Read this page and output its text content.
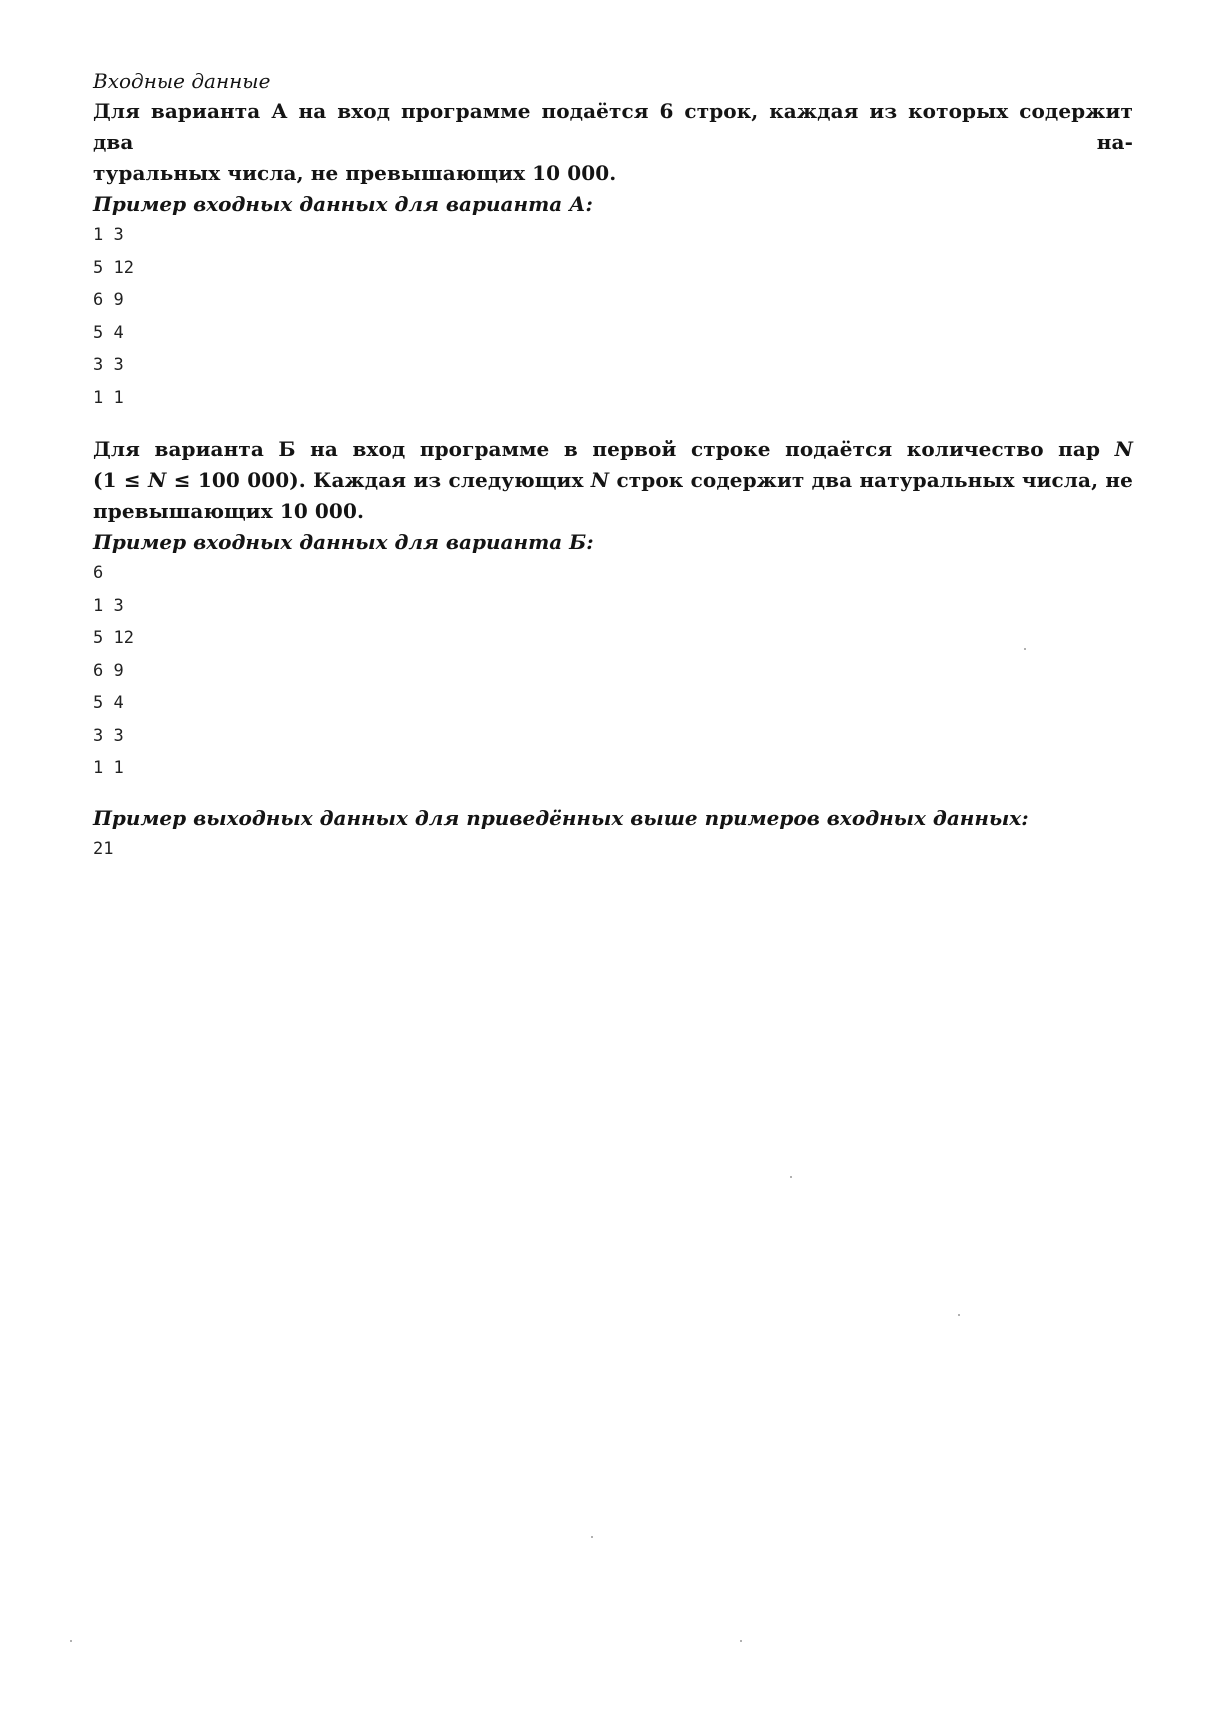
Входные данные

Для варианта А на вход программе подаётся 6 строк, каждая из которых содержит два на-
туральных числа, не превышающих 10 000.

Пример входных данных для варианта А:

1 3
5 12
6 9
5 4
3 3
1 1

Для варианта Б на вход программе в первой строке подаётся количество пар N
(1 ≤ N ≤ 100 000). Каждая из следующих N строк содержит два натуральных числа, не
превышающих 10 000.

Пример входных данных для варианта Б:

6
1 3
5 12
6 9
5 4
3 3
1 1

Пример выходных данных для приведённых выше примеров входных данных:

21
